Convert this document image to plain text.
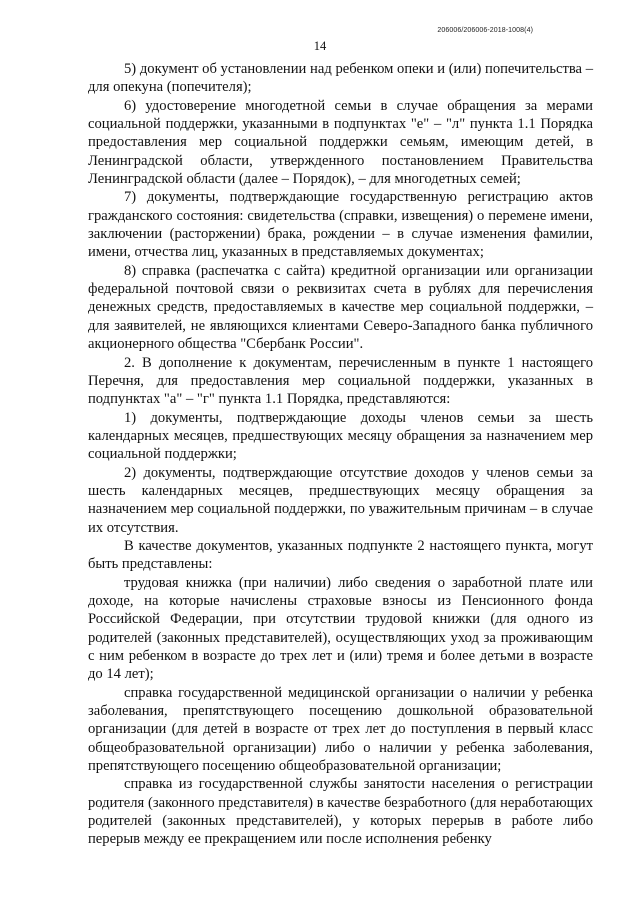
206006/206006-2018-1008(4)
14

5) документ об установлении над ребенком опеки и (или) попечительства – для опекуна (попечителя);

6) удостоверение многодетной семьи в случае обращения за мерами социальной поддержки, указанными в подпунктах "е" – "л" пункта 1.1 Порядка предоставления мер социальной поддержки семьям, имеющим детей, в Ленинградской области, утвержденного постановлением Правительства Ленинградской области (далее – Порядок), – для многодетных семей;

7) документы, подтверждающие государственную регистрацию актов гражданского состояния: свидетельства (справки, извещения) о перемене имени, заключении (расторжении) брака, рождении – в случае изменения фамилии, имени, отчества лиц, указанных в представляемых документах;

8) справка (распечатка с сайта) кредитной организации или организации федеральной почтовой связи о реквизитах счета в рублях для перечисления денежных средств, предоставляемых в качестве мер социальной поддержки, – для заявителей, не являющихся клиентами Северо-Западного банка публичного акционерного общества "Сбербанк России".

2. В дополнение к документам, перечисленным в пункте 1 настоящего Перечня, для предоставления мер социальной поддержки, указанных в подпунктах "а" – "г" пункта 1.1 Порядка, представляются:

1) документы, подтверждающие доходы членов семьи за шесть календарных месяцев, предшествующих месяцу обращения за назначением мер социальной поддержки;

2) документы, подтверждающие отсутствие доходов у членов семьи за шесть календарных месяцев, предшествующих месяцу обращения за назначением мер социальной поддержки, по уважительным причинам – в случае их отсутствия.

В качестве документов, указанных подпункте 2 настоящего пункта, могут быть представлены:

трудовая книжка (при наличии) либо сведения о заработной плате или доходе, на которые начислены страховые взносы из Пенсионного фонда Российской Федерации, при отсутствии трудовой книжки (для одного из родителей (законных представителей), осуществляющих уход за проживающим с ним ребенком в возрасте до трех лет и (или) тремя и более детьми в возрасте до 14 лет);

справка государственной медицинской организации о наличии у ребенка заболевания, препятствующего посещению дошкольной образовательной организации (для детей в возрасте от трех лет до поступления в первый класс общеобразовательной организации) либо о наличии у ребенка заболевания, препятствующего посещению общеобразовательной организации;

справка из государственной службы занятости населения о регистрации родителя (законного представителя) в качестве безработного (для неработающих родителей (законных представителей), у которых перерыв в работе либо перерыв между ее прекращением или после исполнения ребенку
